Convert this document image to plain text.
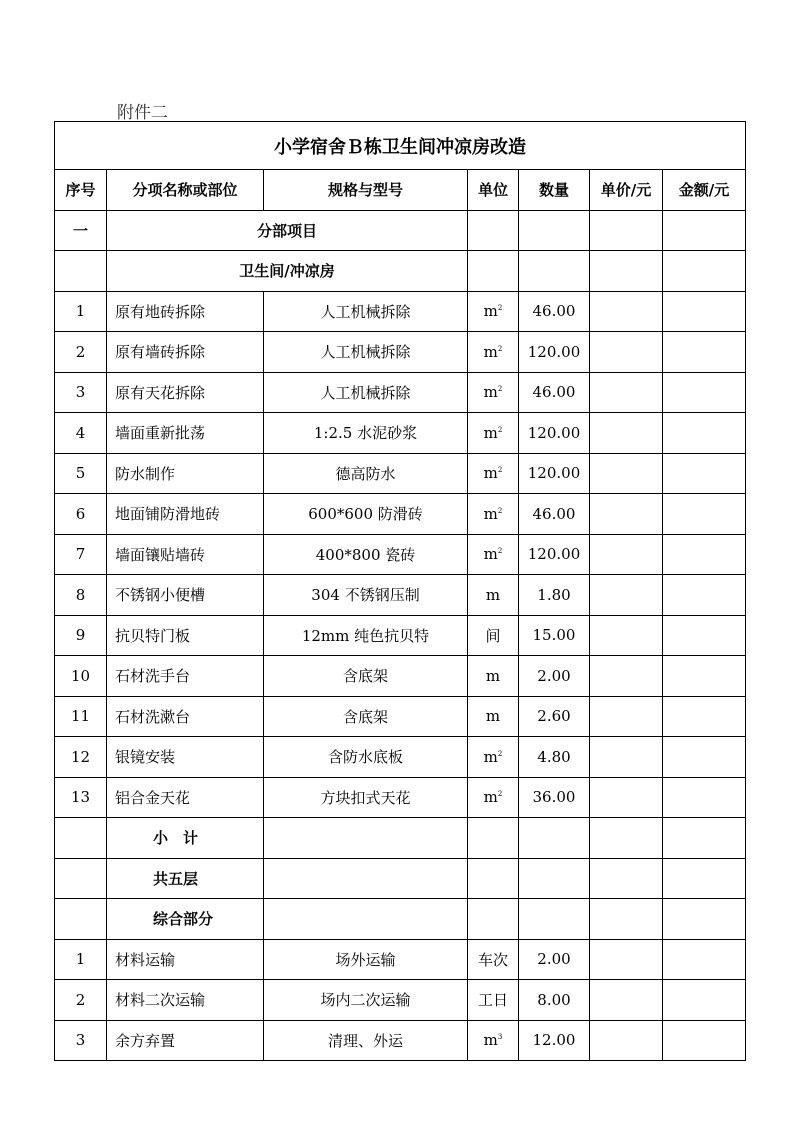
附件二
小学宿舍Ｂ栋卫生间冲凉房改造						
序号	分项名称或部位	规格与型号	单位	数量	单价/元	金额/元
一	分部项目					
	卫生间/冲凉房					
1	原有地砖拆除	人工机械拆除	$m^2$	46.00		
2	原有墙砖拆除	人工机械拆除	$m^2$	120.00		
3	原有天花拆除	人工机械拆除	$m^2$	46.00		
4	墙面重新批荡	1:2.5 水泥砂浆	$m^2$	120.00		
5	防水制作	德高防水	$m^2$	120.00		
6	地面铺防滑地砖	600*600 防滑砖	$m^2$	46.00		
7	墙面镶贴墙砖	400*800 瓷砖	$m^2$	120.00		
8	不锈钢小便槽	304 不锈钢压制	m	1.80		
9	抗贝特门板	12mm 纯色抗贝特	间	15.00		
10	石材洗手台	含底架	m	2.00		
11	石材洗漱台	含底架	m	2.60		
12	银镜安装	含防水底板	$m^2$	4.80		
13	铝合金天花	方块扣式天花	$m^2$	36.00		
	小　计					
	共五层					
	综合部分					
1	材料运输	场外运输	车次	2.00		
2	材料二次运输	场内二次运输	工日	8.00		
3	余方弃置	清理、外运	$m^3$	12.00		
